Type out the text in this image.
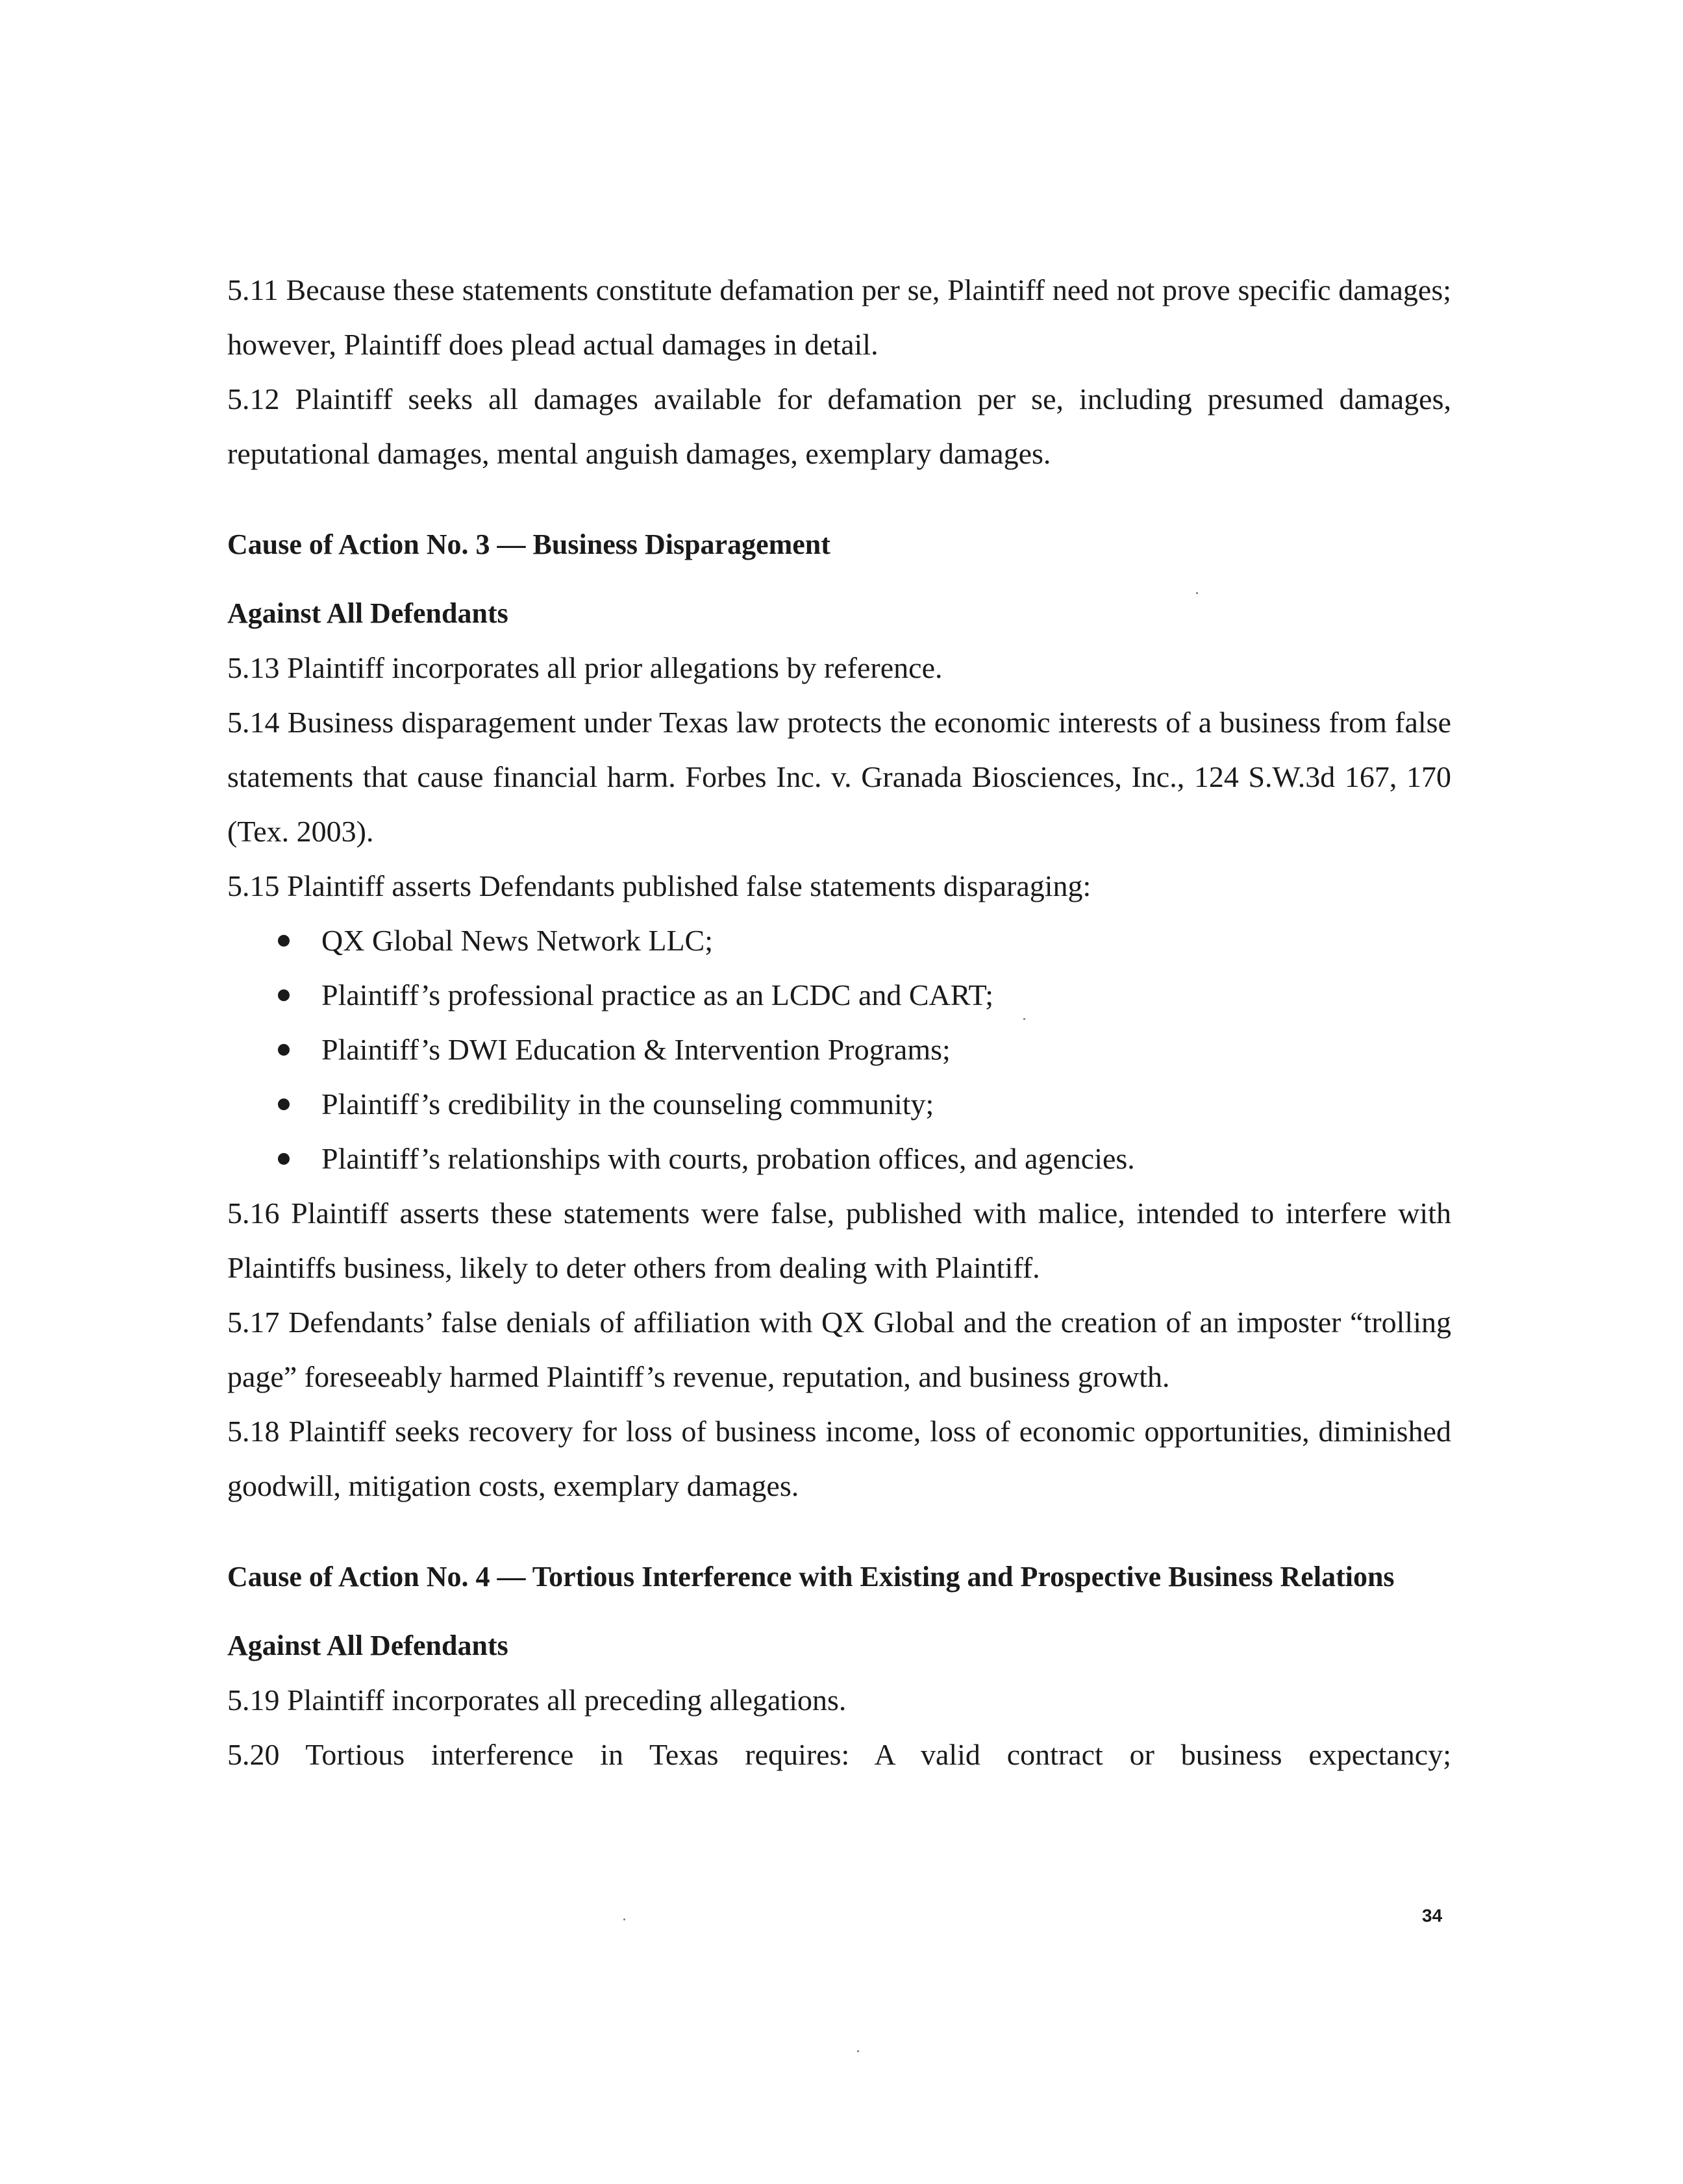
5.11 Because these statements constitute defamation per se, Plaintiff need not prove specific damages; however, Plaintiff does plead actual damages in detail.

5.12 Plaintiff seeks all damages available for defamation per se, including presumed damages, reputational damages, mental anguish damages, exemplary damages.

Cause of Action No. 3 — Business Disparagement

Against All Defendants

5.13 Plaintiff incorporates all prior allegations by reference.

5.14 Business disparagement under Texas law protects the economic interests of a business from false statements that cause financial harm. Forbes Inc. v. Granada Biosciences, Inc., 124 S.W.3d 167, 170 (Tex. 2003).

5.15 Plaintiff asserts Defendants published false statements disparaging:

QX Global News Network LLC;
Plaintiff’s professional practice as an LCDC and CART;
Plaintiff’s DWI Education & Intervention Programs;
Plaintiff’s credibility in the counseling community;
Plaintiff’s relationships with courts, probation offices, and agencies.

5.16 Plaintiff asserts these statements were false, published with malice, intended to interfere with Plaintiffs business, likely to deter others from dealing with Plaintiff.

5.17 Defendants’ false denials of affiliation with QX Global and the creation of an imposter “trolling page” foreseeably harmed Plaintiff’s revenue, reputation, and business growth.

5.18 Plaintiff seeks recovery for loss of business income, loss of economic opportunities, diminished goodwill, mitigation costs, exemplary damages.

Cause of Action No. 4 — Tortious Interference with Existing and Prospective Business Relations

Against All Defendants

5.19 Plaintiff incorporates all preceding allegations.

5.20 Tortious interference in Texas requires: A valid contract or business expectancy;

34
